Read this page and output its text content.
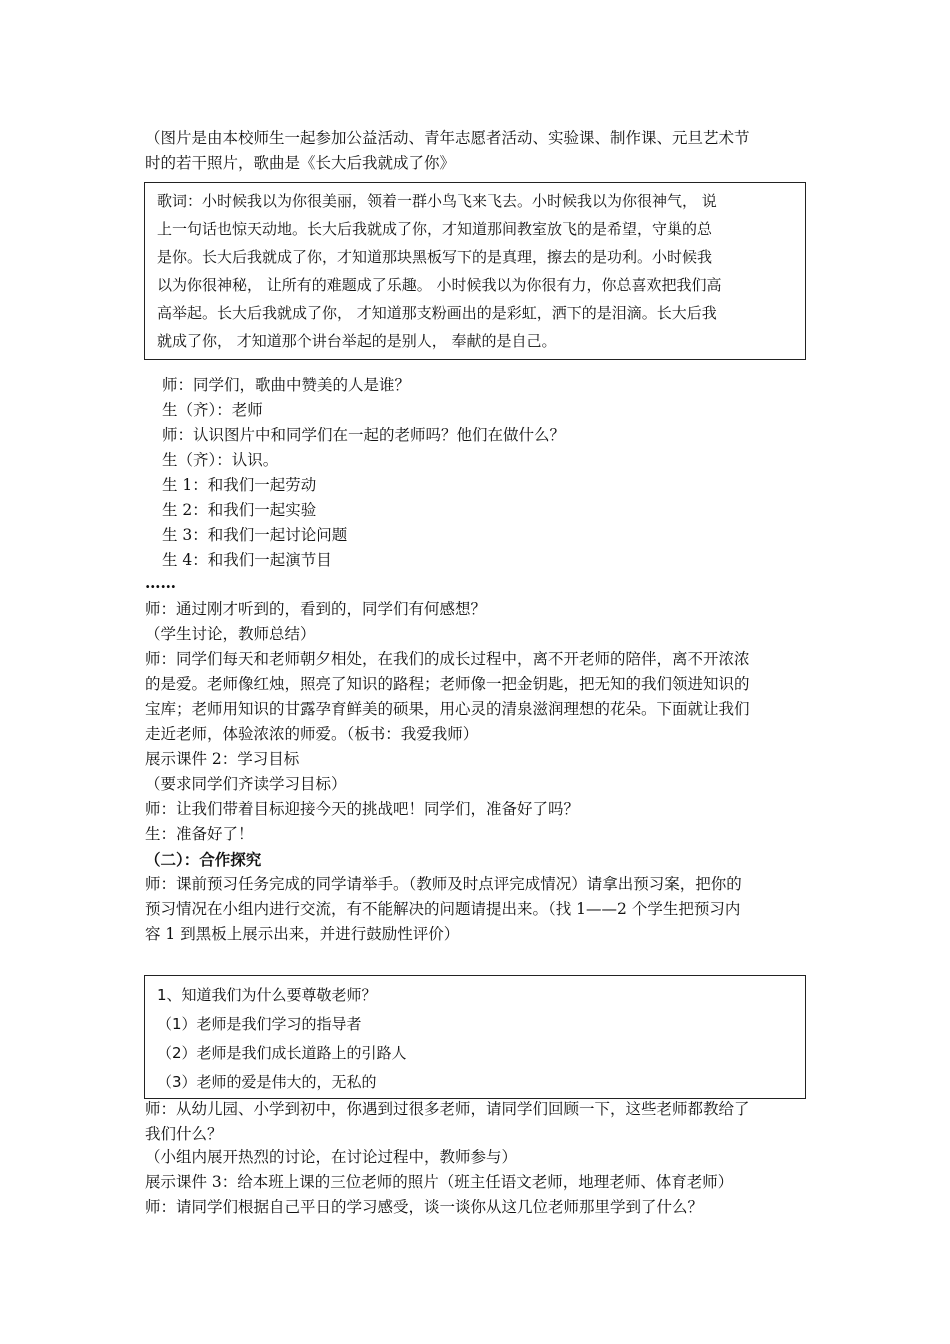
（图片是由本校师生一起参加公益活动、青年志愿者活动、实验课、制作课、元旦艺术节
时的若干照片，歌曲是《长大后我就成了你》
歌词：小时候我以为你很美丽，领着一群小鸟飞来飞去。小时候我以为你很神气， 说
上一句话也惊天动地。长大后我就成了你，才知道那间教室放飞的是希望，守巢的总
是你。长大后我就成了你，才知道那块黑板写下的是真理，擦去的是功利。小时候我
以为你很神秘， 让所有的难题成了乐趣。 小时候我以为你很有力，你总喜欢把我们高
高举起。长大后我就成了你， 才知道那支粉画出的是彩虹，洒下的是泪滴。长大后我
就成了你， 才知道那个讲台举起的是别人， 奉献的是自己。
师：同学们，歌曲中赞美的人是谁？
生（齐）：老师
师：认识图片中和同学们在一起的老师吗？他们在做什么？
生（齐）：认识。
生 1：和我们一起劳动
生 2：和我们一起实验
生 3：和我们一起讨论问题
生 4：和我们一起演节目
……
师：通过刚才听到的，看到的，同学们有何感想？
（学生讨论，教师总结）
师：同学们每天和老师朝夕相处，在我们的成长过程中，离不开老师的陪伴，离不开浓浓
的是爱。老师像红烛，照亮了知识的路程；老师像一把金钥匙，把无知的我们领进知识的
宝库；老师用知识的甘露孕育鲜美的硕果，用心灵的清泉滋润理想的花朵。下面就让我们
走近老师，体验浓浓的师爱。（板书：我爱我师）
展示课件 2：学习目标
（要求同学们齐读学习目标）
师：让我们带着目标迎接今天的挑战吧！同学们，准备好了吗？
生：准备好了！
（二）：合作探究
师：课前预习任务完成的同学请举手。（教师及时点评完成情况）请拿出预习案，把你的
预习情况在小组内进行交流，有不能解决的问题请提出来。（找 1——2 个学生把预习内
容 1 到黑板上展示出来，并进行鼓励性评价）
1、知道我们为什么要尊敬老师？
（1）老师是我们学习的指导者
（2）老师是我们成长道路上的引路人
（3）老师的爱是伟大的，无私的
师：从幼儿园、小学到初中，你遇到过很多老师，请同学们回顾一下，这些老师都教给了
我们什么？
（小组内展开热烈的讨论，在讨论过程中，教师参与）
展示课件 3：给本班上课的三位老师的照片（班主任语文老师，地理老师、体育老师）
师：请同学们根据自己平日的学习感受，谈一谈你从这几位老师那里学到了什么？
